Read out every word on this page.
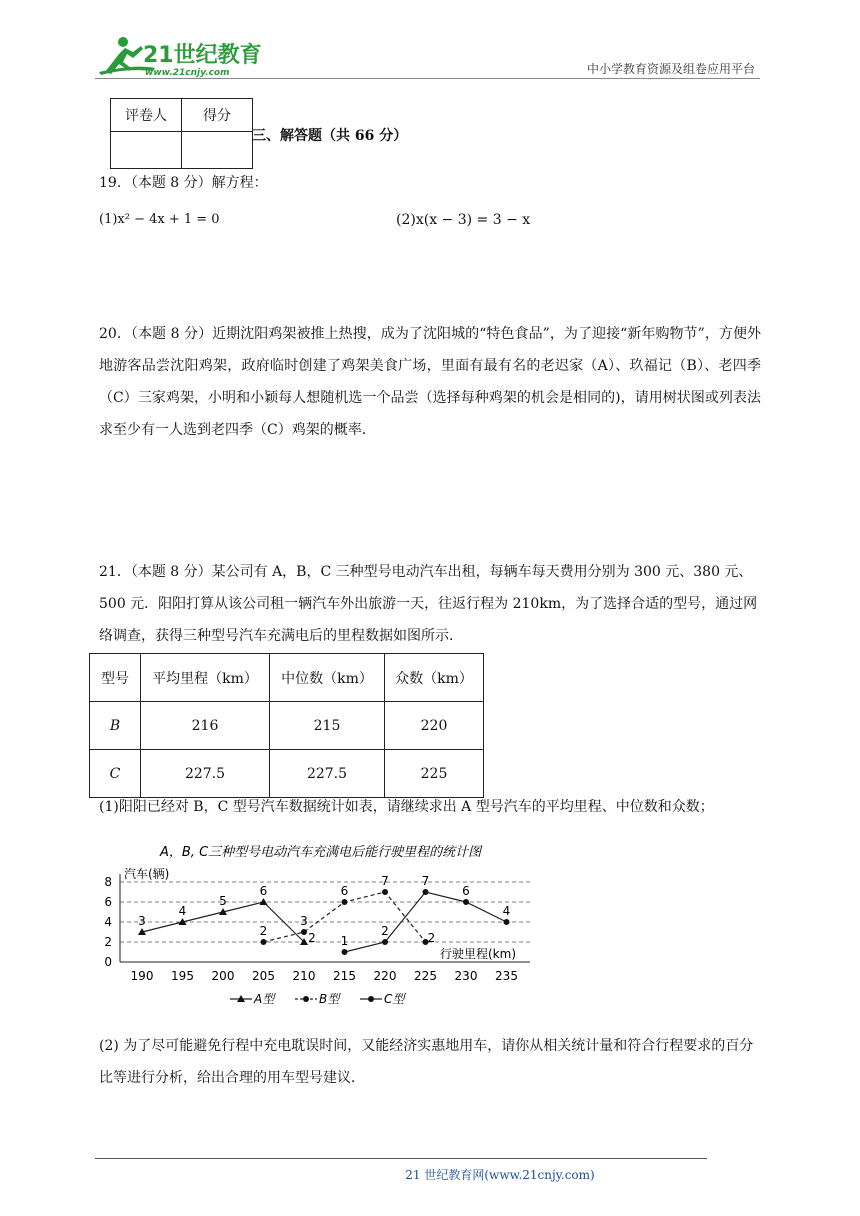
21世纪教育
www.21cnjy.com	中小学教育资源及组卷应用平台
评卷人	得分

三、解答题（共 66 分）
19．（本题 8 分）解方程：
(1)x² − 4x + 1 = 0	(2)x(x − 3) = 3 − x
20．（本题 8 分）近期沈阳鸡架被推上热搜，成为了沈阳城的“特色食品”，为了迎接“新年购物节”，方便外地游客品尝沈阳鸡架，政府临时创建了鸡架美食广场，里面有最有名的老迟家（A）、玖福记（B）、老四季（C）三家鸡架，小明和小颖每人想随机选一个品尝（选择每种鸡架的机会是相同的)，请用树状图或列表法求至少有一人选到老四季（C）鸡架的概率．
21．（本题 8 分）某公司有 A，B，C 三种型号电动汽车出租，每辆车每天费用分别为 300 元、380 元、500 元．阳阳打算从该公司租一辆汽车外出旅游一天，往返行程为 210km，为了选择合适的型号，通过网络调查，获得三种型号汽车充满电后的里程数据如图所示．
型号	平均里程（km）	中位数（km）	众数（km）
B	216	215	220
C	227.5	227.5	225
(1)阳阳已经对 B，C 型号汽车数据统计如表，请继续求出 A 型号汽车的平均里程、中位数和众数；
A，B, C三种型号电动汽车充满电后能行驶里程的统计图
0
2
4
6
8
汽车(辆)
行驶里程(km)
190 195 200 205 210 215 220 225 230 235
3
4
5
6
2
2
3
6
7
2
1
2
7
6
4
A型	B型	C型
(2) 为了尽可能避免行程中充电耽误时间，又能经济实惠地用车，请你从相关统计量和符合行程要求的百分比等进行分析，给出合理的用车型号建议．
21 世纪教育网(www.21cnjy.com)
